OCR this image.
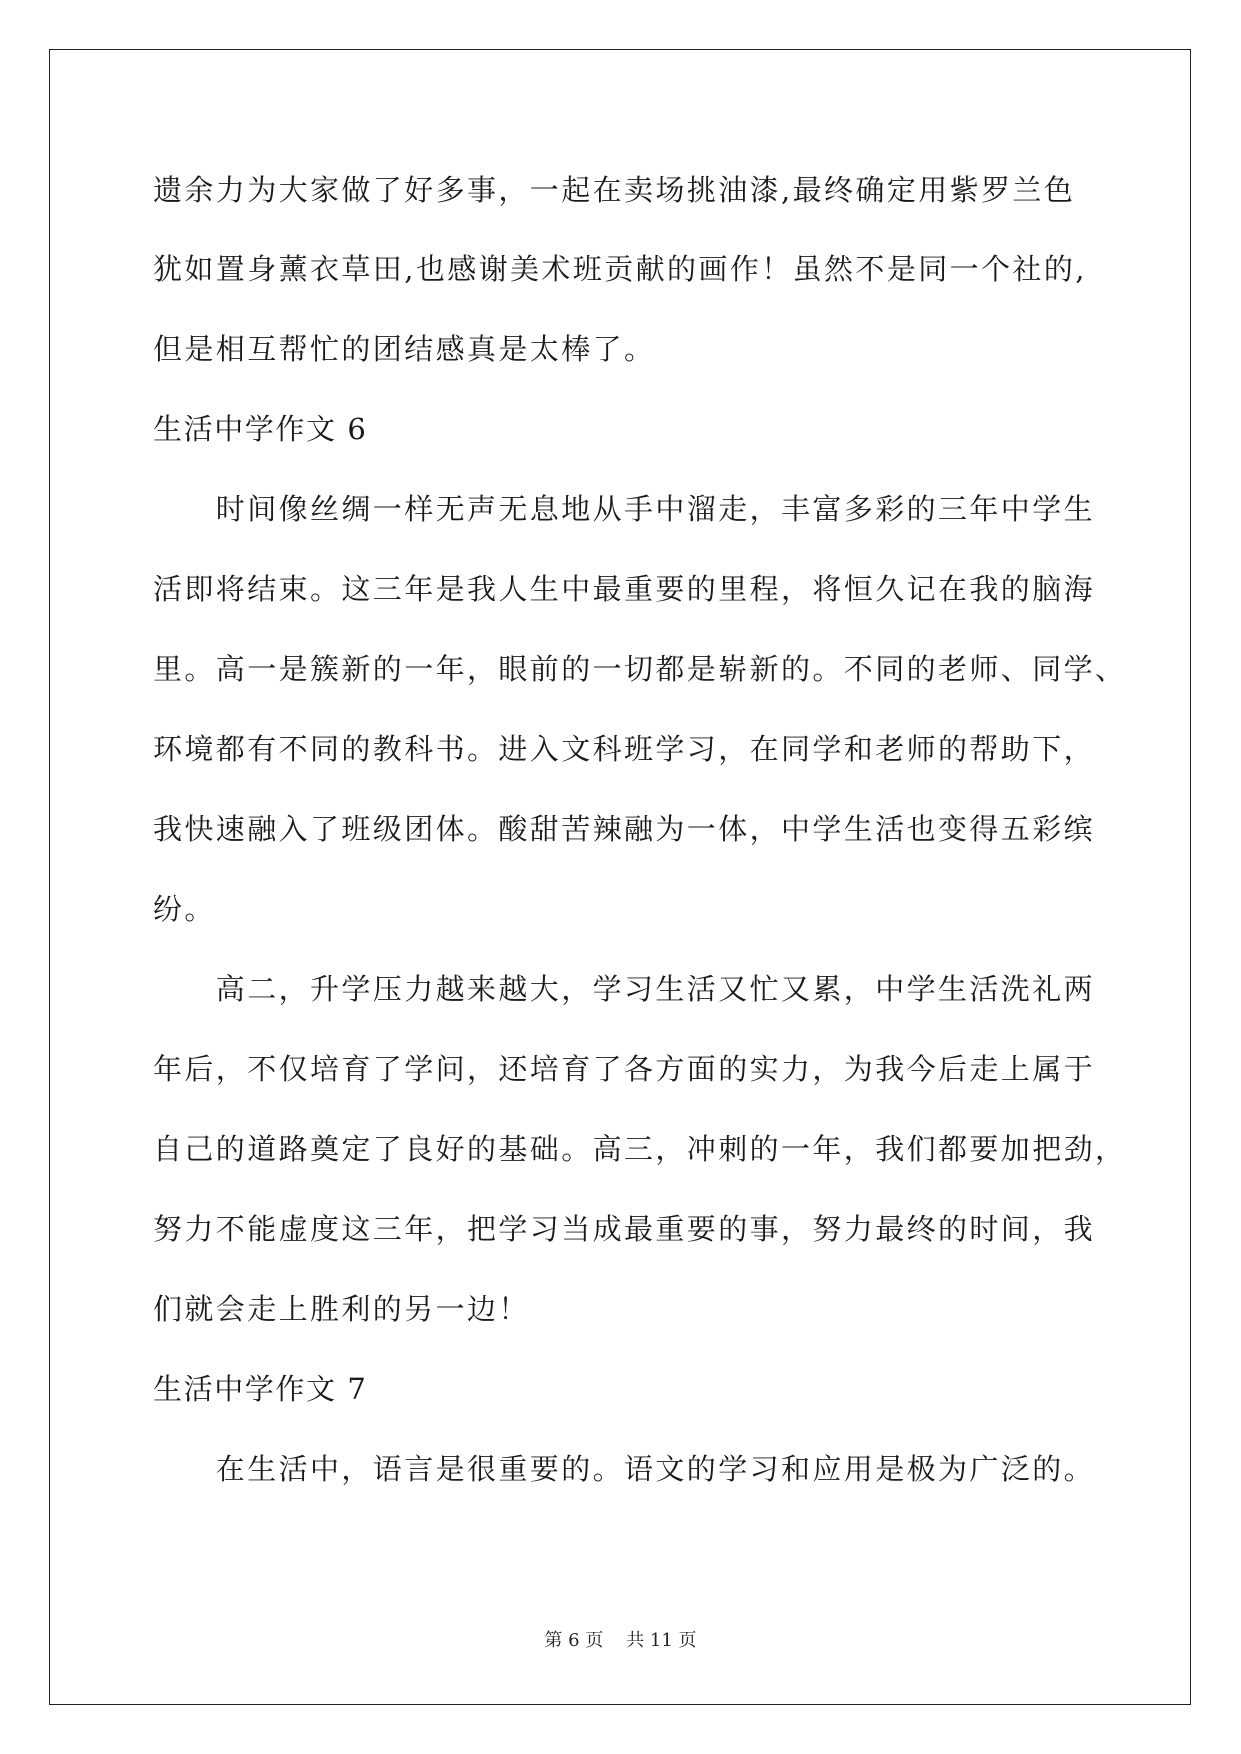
遗余力为大家做了好多事，一起在卖场挑油漆,最终确定用紫罗兰色
犹如置身薰衣草田,也感谢美术班贡献的画作！虽然不是同一个社的,
但是相互帮忙的团结感真是太棒了。
生活中学作文 6
　　时间像丝绸一样无声无息地从手中溜走，丰富多彩的三年中学生
活即将结束。这三年是我人生中最重要的里程，将恒久记在我的脑海
里。高一是簇新的一年，眼前的一切都是崭新的。不同的老师、同学、
环境都有不同的教科书。进入文科班学习，在同学和老师的帮助下，
我快速融入了班级团体。酸甜苦辣融为一体，中学生活也变得五彩缤
纷。
　　高二，升学压力越来越大，学习生活又忙又累，中学生活洗礼两
年后，不仅培育了学问，还培育了各方面的实力，为我今后走上属于
自己的道路奠定了良好的基础。高三，冲刺的一年，我们都要加把劲，
努力不能虚度这三年，把学习当成最重要的事，努力最终的时间，我
们就会走上胜利的另一边！
生活中学作文 7
　　在生活中，语言是很重要的。语文的学习和应用是极为广泛的。
第 6 页    共 11 页
